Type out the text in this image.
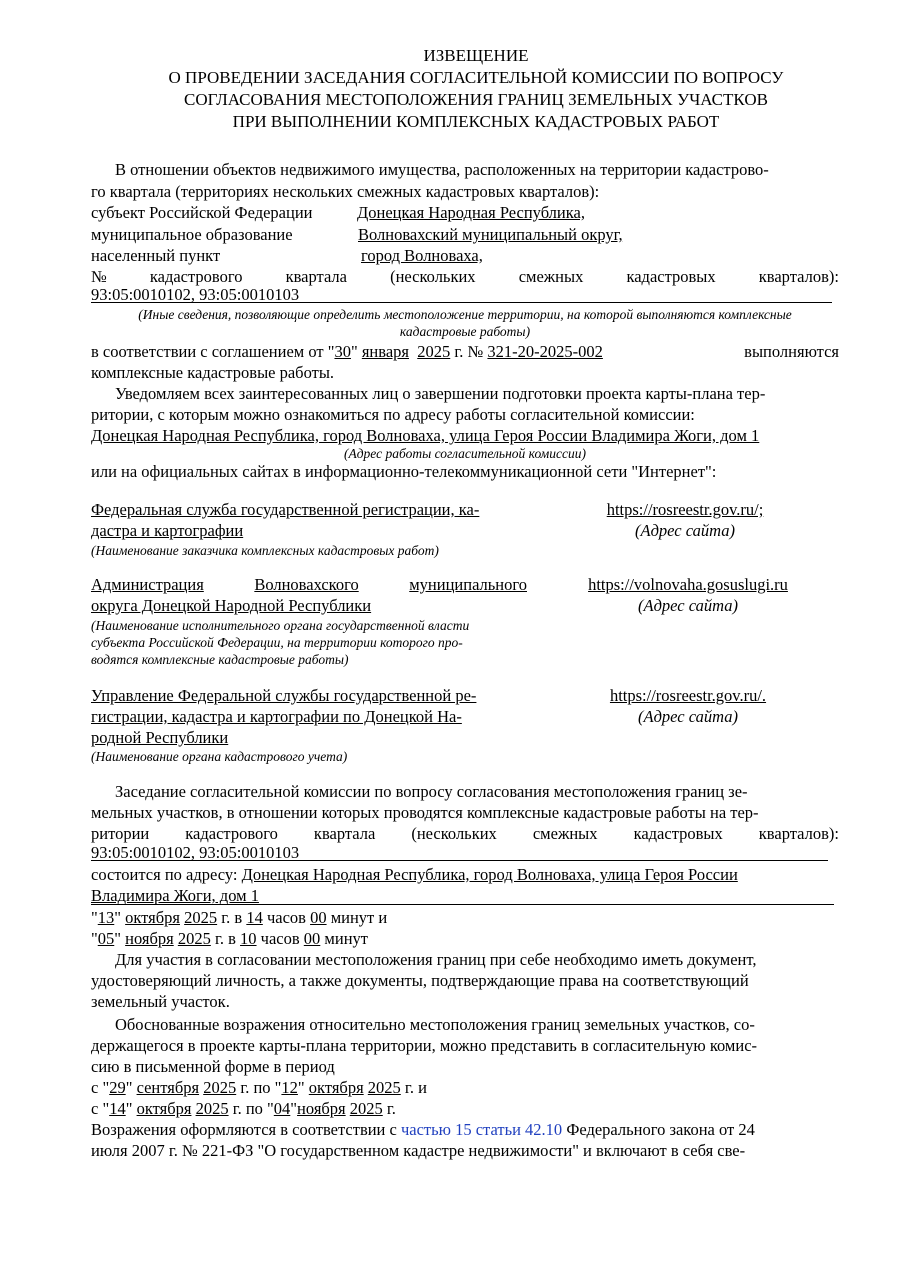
ИЗВЕЩЕНИЕ
О ПРОВЕДЕНИИ ЗАСЕДАНИЯ СОГЛАСИТЕЛЬНОЙ КОМИССИИ ПО ВОПРОСУ
СОГЛАСОВАНИЯ МЕСТОПОЛОЖЕНИЯ ГРАНИЦ ЗЕМЕЛЬНЫХ УЧАСТКОВ
ПРИ ВЫПОЛНЕНИИ КОМПЛЕКСНЫХ КАДАСТРОВЫХ РАБОТ
В отношении объектов недвижимого имущества, расположенных на территории кадастрово-
го квартала (территориях нескольких смежных кадастровых кварталов):
субъект Российской Федерации	Донецкая Народная Республика,
муниципальное образование	Волновахский муниципальный округ,
населенный пункт	город Волноваха,
№	кадастрового	квартала	(нескольких	смежных	кадастровых	кварталов):
93:05:0010102, 93:05:0010103
(Иные сведения, позволяющие определить местоположение территории, на которой выполняются комплексные
кадастровые работы)
в соответствии с соглашением от "30" января 2025 г. № 321-20-2025-002	выполняются
комплексные кадастровые работы.
Уведомляем всех заинтересованных лиц о завершении подготовки проекта карты-плана тер-
ритории, с которым можно ознакомиться по адресу работы согласительной комиссии:
Донецкая Народная Республика, город Волноваха, улица Героя России Владимира Жоги, дом 1
(Адрес работы согласительной комиссии)
или на официальных сайтах в информационно-телекоммуникационной сети "Интернет":
Федеральная служба государственной регистрации, ка-
дастра и картографии
(Наименование заказчика комплексных кадастровых работ)
https://rosreestr.gov.ru/;
(Адрес сайта)
Администрация	Волновахского	муниципального
округа Донецкой Народной Республики
(Наименование исполнительного органа государственной власти
субъекта Российской Федерации, на территории которого про-
водятся комплексные кадастровые работы)
https://volnovaha.gosuslugi.ru
(Адрес сайта)
Управление Федеральной службы государственной ре-
гистрации, кадастра и картографии по Донецкой На-
родной Республики
(Наименование органа кадастрового учета)
https://rosreestr.gov.ru/.
(Адрес сайта)
Заседание согласительной комиссии по вопросу согласования местоположения границ зе-
мельных участков, в отношении которых проводятся комплексные кадастровые работы на тер-
ритории кадастрового квартала (нескольких смежных кадастровых кварталов):
93:05:0010102, 93:05:0010103
состоится по адресу: Донецкая Народная Республика, город Волноваха, улица Героя России
Владимира Жоги, дом 1
"13" октября 2025 г. в 14 часов 00 минут и
"05" ноября 2025 г. в 10 часов 00 минут
Для участия в согласовании местоположения границ при себе необходимо иметь документ,
удостоверяющий личность, а также документы, подтверждающие права на соответствующий
земельный участок.
Обоснованные возражения относительно местоположения границ земельных участков, со-
держащегося в проекте карты-плана территории, можно представить в согласительную комис-
сию в письменной форме в период
с "29" сентября 2025 г. по "12" октября 2025 г. и
с "14" октября 2025 г. по "04"ноября 2025 г.
Возражения оформляются в соответствии с частью 15 статьи 42.10 Федерального закона от 24
июля 2007 г. № 221-ФЗ "О государственном кадастре недвижимости" и включают в себя све-
